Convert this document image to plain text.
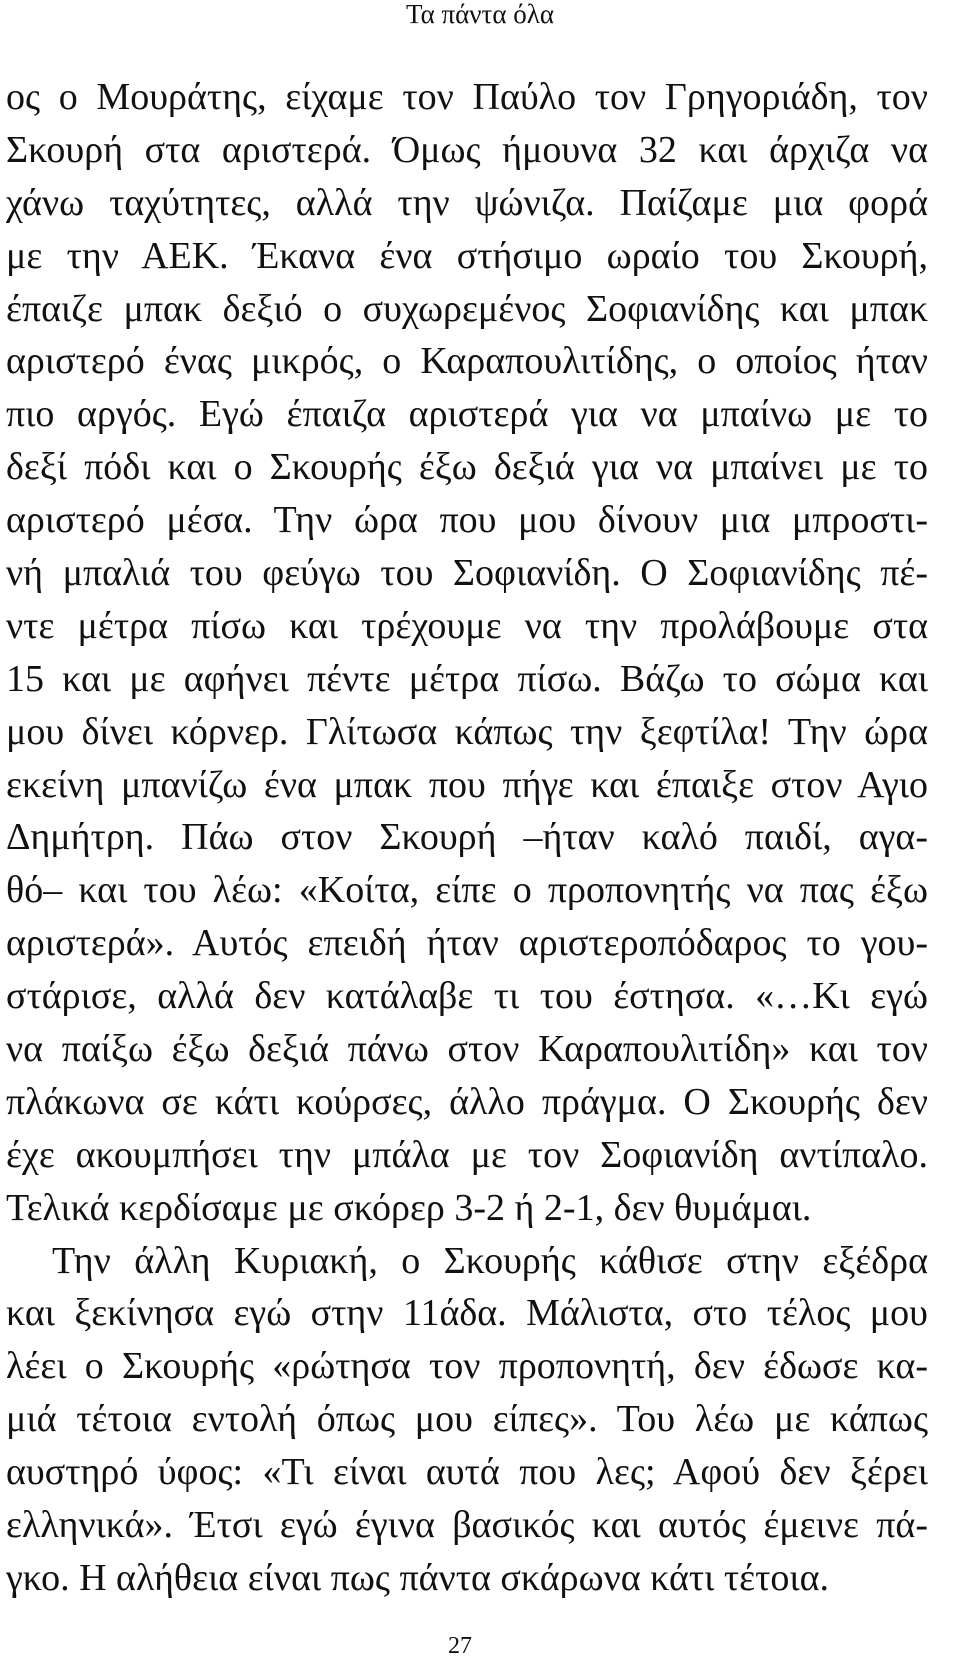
Τα πάντα όλα
ος ο Μουράτης, είχαμε τον Παύλο τον Γρηγοριάδη, τον
Σκουρή στα αριστερά. Όμως ήμουνα 32 και άρχιζα να
χάνω ταχύτητες, αλλά την ψώνιζα. Παίζαμε μια φορά
με την ΑΕΚ. Έκανα ένα στήσιμο ωραίο του Σκουρή,
έπαιζε μπακ δεξιό ο συχωρεμένος Σοφιανίδης και μπακ
αριστερό ένας μικρός, ο Καραπουλιτίδης, ο οποίος ήταν
πιο αργός. Εγώ έπαιζα αριστερά για να μπαίνω με το
δεξί πόδι και ο Σκουρής έξω δεξιά για να μπαίνει με το
αριστερό μέσα. Την ώρα που μου δίνουν μια μπροστι-
νή μπαλιά του φεύγω του Σοφιανίδη. Ο Σοφιανίδης πέ-
ντε μέτρα πίσω και τρέχουμε να την προλάβουμε στα
15 και με αφήνει πέντε μέτρα πίσω. Βάζω το σώμα και
μου δίνει κόρνερ. Γλίτωσα κάπως την ξεφτίλα! Την ώρα
εκείνη μπανίζω ένα μπακ που πήγε και έπαιξε στον Αγιο
Δημήτρη. Πάω στον Σκουρή –ήταν καλό παιδί, αγα-
θό– και του λέω: «Κοίτα, είπε ο προπονητής να πας έξω
αριστερά». Αυτός επειδή ήταν αριστεροπόδαρος το γου-
στάρισε, αλλά δεν κατάλαβε τι του έστησα. «…Κι εγώ
να παίξω έξω δεξιά πάνω στον Καραπουλιτίδη» και τον
πλάκωνα σε κάτι κούρσες, άλλο πράγμα. Ο Σκουρής δεν
έχε ακουμπήσει την μπάλα με τον Σοφιανίδη αντίπαλο.
Τελικά κερδίσαμε με σκόρερ 3-2 ή 2-1, δεν θυμάμαι.
Την άλλη Κυριακή, ο Σκουρής κάθισε στην εξέδρα
και ξεκίνησα εγώ στην 11άδα. Μάλιστα, στο τέλος μου
λέει ο Σκουρής «ρώτησα τον προπονητή, δεν έδωσε κα-
μιά τέτοια εντολή όπως μου είπες». Του λέω με κάπως
αυστηρό ύφος: «Τι είναι αυτά που λες; Αφού δεν ξέρει
ελληνικά». Έτσι εγώ έγινα βασικός και αυτός έμεινε πά-
γκο. Η αλήθεια είναι πως πάντα σκάρωνα κάτι τέτοια.
27
